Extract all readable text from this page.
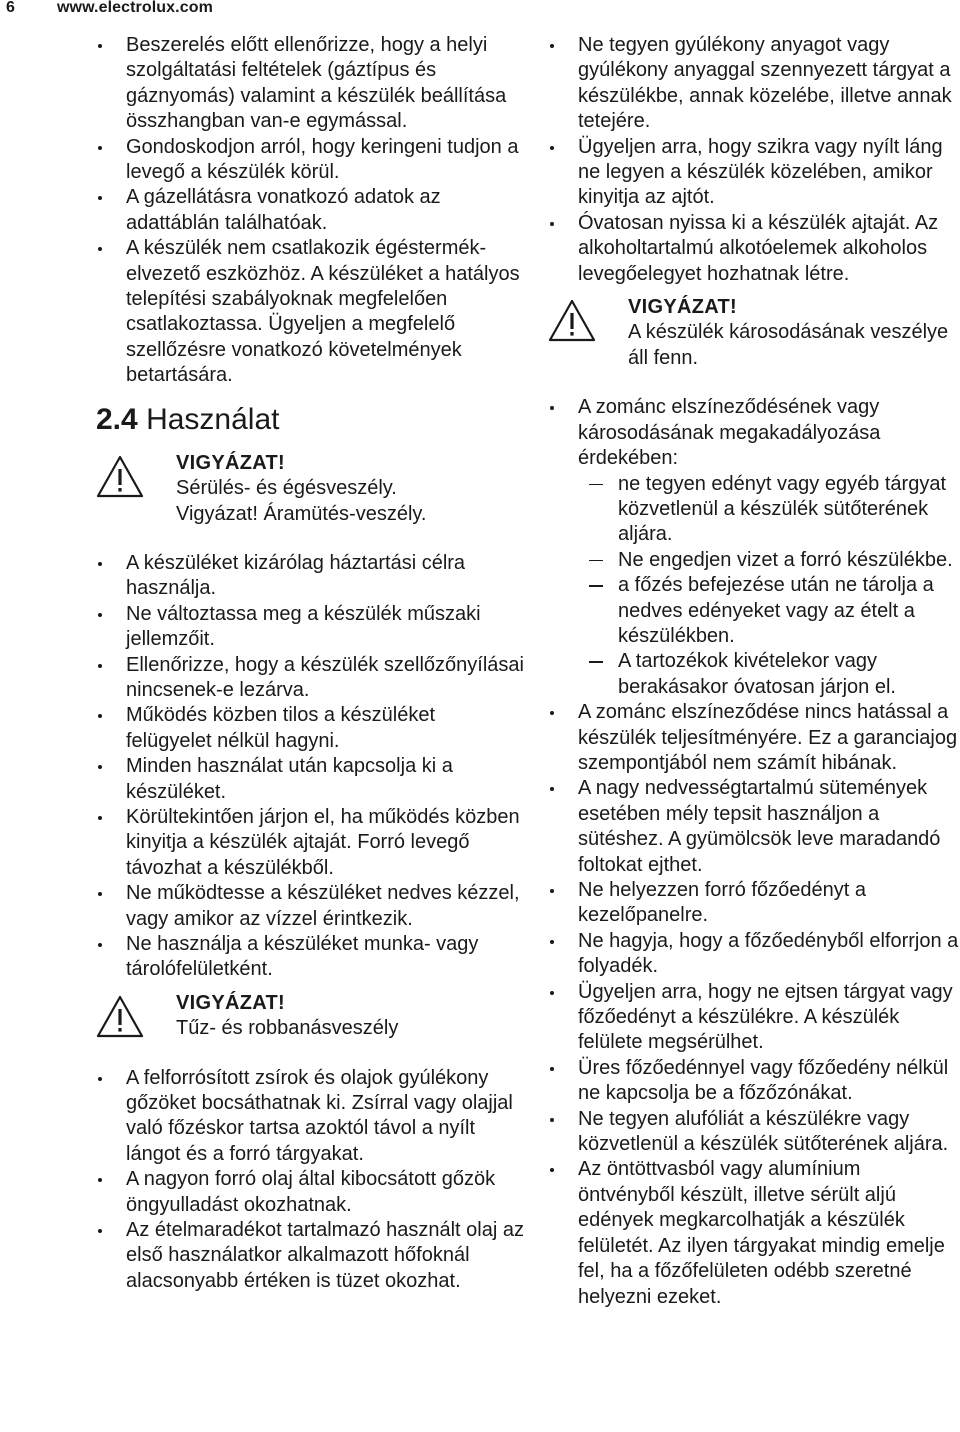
6	www.electrolux.com
Beszerelés előtt ellenőrizze, hogy a helyi szolgáltatási feltételek (gáztípus és gáznyomás) valamint a készülék beállítása összhangban van-e egymással.
Gondoskodjon arról, hogy keringeni tudjon a levegő a készülék körül.
A gázellátásra vonatkozó adatok az adattáblán találhatóak.
A készülék nem csatlakozik égéstermék-elvezető eszközhöz. A készüléket a hatályos telepítési szabályoknak megfelelően csatlakoztassa. Ügyeljen a megfelelő szellőzésre vonatkozó követelmények betartására.
2.4 Használat
VIGYÁZAT!
Sérülés- és égésveszély.
Vigyázat! Áramütés-veszély.
A készüléket kizárólag háztartási célra használja.
Ne változtassa meg a készülék műszaki jellemzőit.
Ellenőrizze, hogy a készülék szellőzőnyílásai nincsenek-e lezárva.
Működés közben tilos a készüléket felügyelet nélkül hagyni.
Minden használat után kapcsolja ki a készüléket.
Körültekintően járjon el, ha működés közben kinyitja a készülék ajtaját. Forró levegő távozhat a készülékből.
Ne működtesse a készüléket nedves kézzel, vagy amikor az vízzel érintkezik.
Ne használja a készüléket munka- vagy tárolófelületként.
VIGYÁZAT!
Tűz- és robbanásveszély
A felforrósított zsírok és olajok gyúlékony gőzöket bocsáthatnak ki. Zsírral vagy olajjal való főzéskor tartsa azoktól távol a nyílt lángot és a forró tárgyakat.
A nagyon forró olaj által kibocsátott gőzök öngyulladást okozhatnak.
Az ételmaradékot tartalmazó használt olaj az első használatkor alkalmazott hőfoknál alacsonyabb értéken is tüzet okozhat.
Ne tegyen gyúlékony anyagot vagy gyúlékony anyaggal szennyezett tárgyat a készülékbe, annak közelébe, illetve annak tetejére.
Ügyeljen arra, hogy szikra vagy nyílt láng ne legyen a készülék közelében, amikor kinyitja az ajtót.
Óvatosan nyissa ki a készülék ajtaját. Az alkoholtartalmú alkotóelemek alkoholos levegőelegyet hozhatnak létre.
VIGYÁZAT!
A készülék károsodásának veszélye áll fenn.
A zománc elszíneződésének vagy károsodásának megakadályozása érdekében:
ne tegyen edényt vagy egyéb tárgyat közvetlenül a készülék sütőterének aljára.
Ne engedjen vizet a forró készülékbe.
a főzés befejezése után ne tárolja a nedves edényeket vagy az ételt a készülékben.
A tartozékok kivételekor vagy berakásakor óvatosan járjon el.
A zománc elszíneződése nincs hatással a készülék teljesítményére. Ez a garanciajog szempontjából nem számít hibának.
A nagy nedvességtartalmú sütemények esetében mély tepsit használjon a sütéshez. A gyümölcsök leve maradandó foltokat ejthet.
Ne helyezzen forró főzőedényt a kezelőpanelre.
Ne hagyja, hogy a főzőedényből elforrjon a folyadék.
Ügyeljen arra, hogy ne ejtsen tárgyat vagy főzőedényt a készülékre. A készülék felülete megsérülhet.
Üres főzőedénnyel vagy főzőedény nélkül ne kapcsolja be a főzőzónákat.
Ne tegyen alufóliát a készülékre vagy közvetlenül a készülék sütőterének aljára.
Az öntöttvasból vagy alumínium öntvényből készült, illetve sérült aljú edények megkarcolhatják a készülék felületét. Az ilyen tárgyakat mindig emelje fel, ha a főzőfelületen odébb szeretné helyezni ezeket.
